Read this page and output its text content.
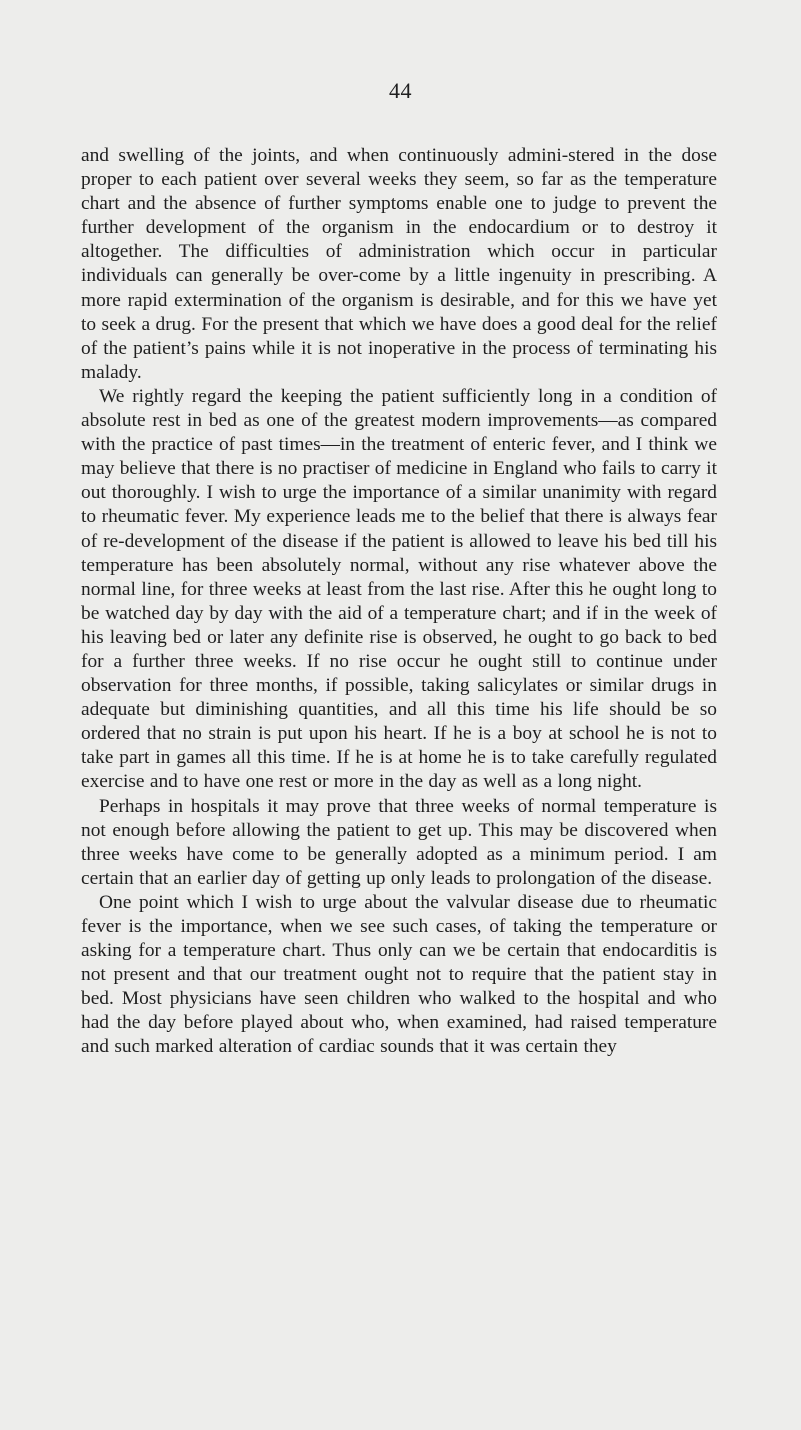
44

and swelling of the joints, and when continuously admini-stered in the dose proper to each patient over several weeks they seem, so far as the temperature chart and the absence of further symptoms enable one to judge to prevent the further development of the organism in the endocardium or to destroy it altogether. The difficulties of administration which occur in particular individuals can generally be over-come by a little ingenuity in prescribing. A more rapid extermination of the organism is desirable, and for this we have yet to seek a drug. For the present that which we have does a good deal for the relief of the patient’s pains while it is not inoperative in the process of terminating his malady.

We rightly regard the keeping the patient sufficiently long in a condition of absolute rest in bed as one of the greatest modern improvements—as compared with the practice of past times—in the treatment of enteric fever, and I think we may believe that there is no practiser of medicine in England who fails to carry it out thoroughly. I wish to urge the importance of a similar unanimity with regard to rheumatic fever. My experience leads me to the belief that there is always fear of re-development of the disease if the patient is allowed to leave his bed till his temperature has been absolutely normal, without any rise whatever above the normal line, for three weeks at least from the last rise. After this he ought long to be watched day by day with the aid of a temperature chart; and if in the week of his leaving bed or later any definite rise is observed, he ought to go back to bed for a further three weeks. If no rise occur he ought still to continue under observation for three months, if possible, taking salicylates or similar drugs in adequate but diminishing quantities, and all this time his life should be so ordered that no strain is put upon his heart. If he is a boy at school he is not to take part in games all this time. If he is at home he is to take carefully regulated exercise and to have one rest or more in the day as well as a long night.

Perhaps in hospitals it may prove that three weeks of normal temperature is not enough before allowing the patient to get up. This may be discovered when three weeks have come to be generally adopted as a minimum period. I am certain that an earlier day of getting up only leads to prolongation of the disease.

One point which I wish to urge about the valvular disease due to rheumatic fever is the importance, when we see such cases, of taking the temperature or asking for a temperature chart. Thus only can we be certain that endocarditis is not present and that our treatment ought not to require that the patient stay in bed. Most physicians have seen children who walked to the hospital and who had the day before played about who, when examined, had raised temperature and such marked alteration of cardiac sounds that it was certain they
